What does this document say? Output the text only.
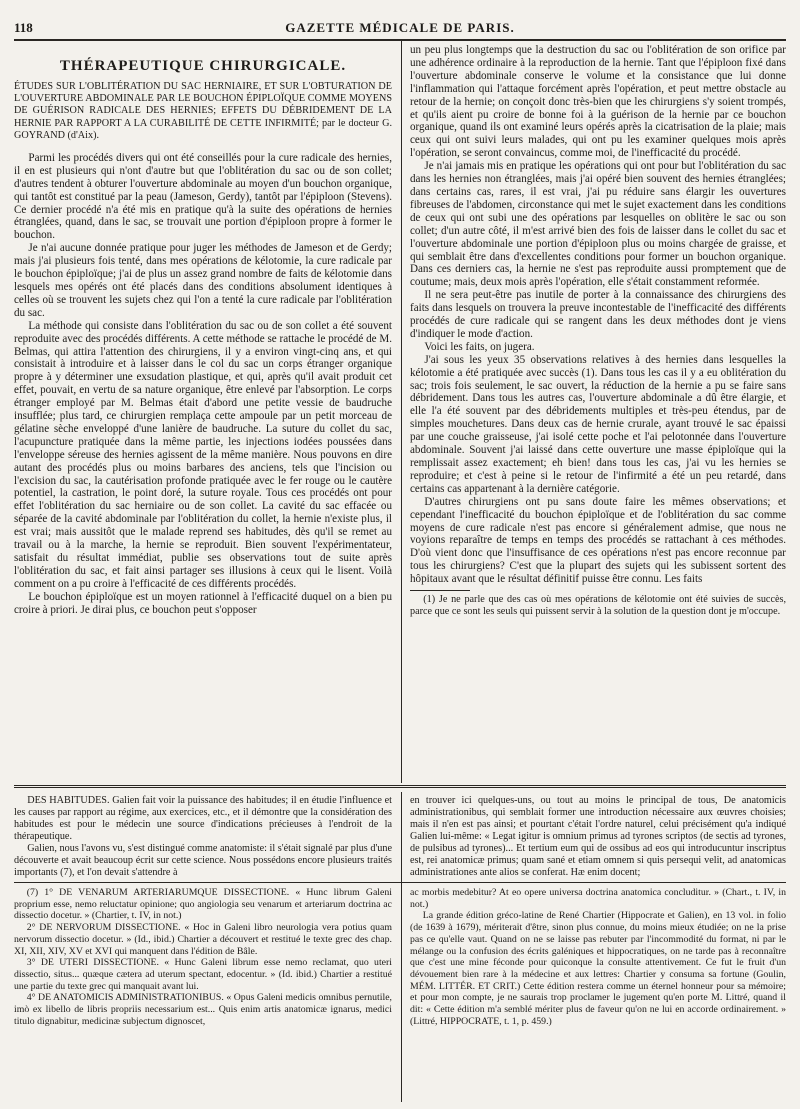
118	GAZETTE MÉDICALE DE PARIS.
THÉRAPEUTIQUE CHIRURGICALE.

ÉTUDES SUR L'OBLITÉRATION DU SAC HERNIAIRE, ET SUR L'OBTURATION DE L'OUVERTURE ABDOMINALE PAR LE BOUCHON ÉPIPLOÏQUE COMME MOYENS DE GUÉRISON RADICALE DES HERNIES; EFFETS DU DÉBRIDEMENT DE LA HERNIE PAR RAPPORT A LA CURABILITÉ DE CETTE INFIRMITÉ; par le docteur G. GOYRAND (d'Aix).

Parmi les procédés divers qui ont été conseillés pour la cure radicale des hernies, il en est plusieurs qui n'ont d'autre but que l'oblitération du sac ou de son collet; d'autres tendent à obturer l'ouverture abdominale au moyen d'un bouchon organique, qui tantôt est constitué par la peau (Jameson, Gerdy), tantôt par l'épiploon (Stevens). Ce dernier procédé n'a été mis en pratique qu'à la suite des opérations de hernies étranglées, quand, dans le sac, se trouvait une portion d'épiploon propre à former le bouchon.

Je n'ai aucune donnée pratique pour juger les méthodes de Jameson et de Gerdy; mais j'ai plusieurs fois tenté, dans mes opérations de kélotomie, la cure radicale par le bouchon épiploïque; j'ai de plus un assez grand nombre de faits de kélotomie dans lesquels mes opérés ont été placés dans des conditions absolument identiques à celles où se trouvent les sujets chez qui l'on a tenté la cure radicale par l'oblitération du sac.

La méthode qui consiste dans l'oblitération du sac ou de son collet a été souvent reproduite avec des procédés différents. A cette méthode se rattache le procédé de M. Belmas, qui attira l'attention des chirurgiens, il y a environ vingt-cinq ans, et qui consistait à introduire et à laisser dans le col du sac un corps étranger organique propre à y déterminer une exsudation plastique, et qui, après qu'il avait produit cet effet, pouvait, en vertu de sa nature organique, être enlevé par l'absorption. Le corps étranger employé par M. Belmas était d'abord une petite vessie de baudruche insufflée; plus tard, ce chirurgien remplaça cette ampoule par un petit morceau de gélatine sèche enveloppé d'une lanière de baudruche. La suture du collet du sac, l'acupuncture pratiquée dans la même partie, les injections iodées poussées dans l'enveloppe séreuse des hernies agissent de la même manière. Nous pouvons en dire autant des procédés plus ou moins barbares des anciens, tels que l'incision ou l'excision du sac, la cautérisation profonde pratiquée avec le fer rouge ou le cautère potentiel, la castration, le point doré, la suture royale. Tous ces procédés ont pour effet l'oblitération du sac herniaire ou de son collet. La cavité du sac effacée ou séparée de la cavité abdominale par l'oblitération du collet, la hernie n'existe plus, il est vrai; mais aussitôt que le malade reprend ses habitudes, dès qu'il se remet au travail ou à la marche, la hernie se reproduit. Bien souvent l'expérimentateur, satisfait du résultat immédiat, publie ses observations tout de suite après l'oblitération du sac, et fait ainsi partager ses illusions à ceux qui le lisent. Voilà comment on a pu croire à l'efficacité de ces différents procédés.

Le bouchon épiploïque est un moyen rationnel à l'efficacité duquel on a bien pu croire à priori. Je dirai plus, ce bouchon peut s'opposer

un peu plus longtemps que la destruction du sac ou l'oblitération de son orifice par une adhérence ordinaire à la reproduction de la hernie. Tant que l'épiploon fixé dans l'ouverture abdominale conserve le volume et la consistance que lui donne l'inflammation qui l'attaque forcément après l'opération, et peut mettre obstacle au retour de la hernie; on conçoit donc très-bien que les chirurgiens s'y soient trompés, et qu'ils aient pu croire de bonne foi à la guérison de la hernie par ce bouchon organique, quand ils ont examiné leurs opérés après la cicatrisation de la plaie; mais ceux qui ont suivi leurs malades, qui ont pu les examiner quelques mois après l'opération, se seront convaincus, comme moi, de l'inefficacité du procédé.

Je n'ai jamais mis en pratique les opérations qui ont pour but l'oblitération du sac dans les hernies non étranglées, mais j'ai opéré bien souvent des hernies étranglées; dans certains cas, rares, il est vrai, j'ai pu réduire sans élargir les ouvertures fibreuses de l'abdomen, circonstance qui met le sujet exactement dans les conditions de ceux qui ont subi une des opérations par lesquelles on oblitère le sac ou son collet; d'un autre côté, il m'est arrivé bien des fois de laisser dans le collet du sac et l'ouverture abdominale une portion d'épiploon plus ou moins chargée de graisse, et qui semblait être dans d'excellentes conditions pour former un bouchon organique. Dans ces derniers cas, la hernie ne s'est pas reproduite aussi promptement que de coutume; mais, deux mois après l'opération, elle s'était constamment reformée.

Il ne sera peut-être pas inutile de porter à la connaissance des chirurgiens des faits dans lesquels on trouvera la preuve incontestable de l'inefficacité des différents procédés de cure radicale qui se rangent dans les deux méthodes dont je viens d'indiquer le mode d'action.

Voici les faits, on jugera.

J'ai sous les yeux 35 observations relatives à des hernies dans lesquelles la kélotomie a été pratiquée avec succès (1). Dans tous les cas il y a eu oblitération du sac; trois fois seulement, le sac ouvert, la réduction de la hernie a pu se faire sans débridement. Dans tous les autres cas, l'ouverture abdominale a dû être élargie, et elle l'a été souvent par des débridements multiples et très-peu étendus, par de simples mouchetures. Dans deux cas de hernie crurale, ayant trouvé le sac épaissi par une couche graisseuse, j'ai isolé cette poche et l'ai pelotonnée dans l'ouverture abdominale. Souvent j'ai laissé dans cette ouverture une masse épiploïque qui la remplissait assez exactement; eh bien! dans tous les cas, j'ai vu les hernies se reproduire; et c'est à peine si le retour de l'infirmité a été un peu retardé, dans certains cas appartenant à la dernière catégorie.

D'autres chirurgiens ont pu sans doute faire les mêmes observations; et cependant l'inefficacité du bouchon épiploïque et de l'oblitération du sac comme moyens de cure radicale n'est pas encore si généralement admise, que nous ne voyions reparaître de temps en temps des procédés se rattachant à ces méthodes. D'où vient donc que l'insuffisance de ces opérations n'est pas encore reconnue par tous les chirurgiens? C'est que la plupart des sujets qui les subissent sortent des hôpitaux avant que le résultat définitif puisse être connu. Les faits

(1) Je ne parle que des cas où mes opérations de kélotomie ont été suivies de succès, parce que ce sont les seuls qui puissent servir à la solution de la question dont je m'occupe.

DES HABITUDES. Galien fait voir la puissance des habitudes; il en étudie l'influence et les causes par rapport au régime, aux exercices, etc., et il démontre que la considération des habitudes est pour le médecin une source d'indications précieuses à l'endroit de la thérapeutique.

Galien, nous l'avons vu, s'est distingué comme anatomiste: il s'était signalé par plus d'une découverte et avait beaucoup écrit sur cette science. Nous possédons encore plusieurs traités importants (7), et l'on devait s'attendre à

en trouver ici quelques-uns, ou tout au moins le principal de tous, De anatomicis administrationibus, qui semblait former une introduction nécessaire aux œuvres choisies; mais il n'en est pas ainsi; et pourtant c'était l'ordre naturel, celui précisément qu'a indiqué Galien lui-même: « Legat igitur is omnium primus ad tyrones scriptos (de sectis ad tyrones, de pulsibus ad tyrones)... Et tertium eum qui de ossibus ad eos qui introducuntur inscriptus est, rei anatomicæ primus; quam sané et etiam omnem si quis persequi velit, ad anatomicas administrationes ante alios se conferat. Hæ enim docent;

(7) 1° DE VENARUM ARTERIARUMQUE DISSECTIONE. « Hunc librum Galeni proprium esse, nemo reluctatur opinione; quo angiologia seu venarum et arteriarum doctrina ac dissectio docetur. » (Chartier, t. IV, in not.)

2° DE NERVORUM DISSECTIONE. « Hoc in Galeni libro neurologia vera potius quam nervorum dissectio docetur. » (Id., ibid.) Chartier a découvert et restitué le texte grec des chap. XI, XII, XIV, XV et XVI qui manquent dans l'édition de Bâle.

3° DE UTERI DISSECTIONE. « Hunc Galeni librum esse nemo reclamat, quo uteri dissectio, situs... quæque cætera ad uterum spectant, edocentur. » (Id. ibid.) Chartier a restitué une partie du texte grec qui manquait avant lui.

4° DE ANATOMICIS ADMINISTRATIONIBUS. « Opus Galeni medicis omnibus pernutile, imò ex libello de libris propriis necessarium est... Quis enim artis anatomicæ ignarus, medici titulo dignabitur, medicinæ subjectum dignoscet,

ac morbis medebitur? At eo opere universa doctrina anatomica concluditur. » (Chart., t. IV, in not.)

La grande édition gréco-latine de René Chartier (Hippocrate et Galien), en 13 vol. in folio (de 1639 à 1679), mériterait d'être, sinon plus connue, du moins mieux étudiée; on ne la prise pas ce qu'elle vaut. Quand on ne se laisse pas rebuter par l'incommodité du format, ni par le mélange ou la confusion des écrits galéniques et hippocratiques, on ne tarde pas à reconnaître que c'est une mine féconde pour quiconque la consulte attentivement. Ce fut le fruit d'un dévouement bien rare à la médecine et aux lettres: Chartier y consuma sa fortune (Goulin, MÉM. LITTÉR. ET CRIT.) Cette édition restera comme un éternel honneur pour sa mémoire; et pour mon compte, je ne saurais trop proclamer le jugement qu'en porte M. Littré, quand il dit: « Cette édition m'a semblé mériter plus de faveur qu'on ne lui en accorde ordinairement. » (Littré, HIPPOCRATE, t. 1, p. 459.)
